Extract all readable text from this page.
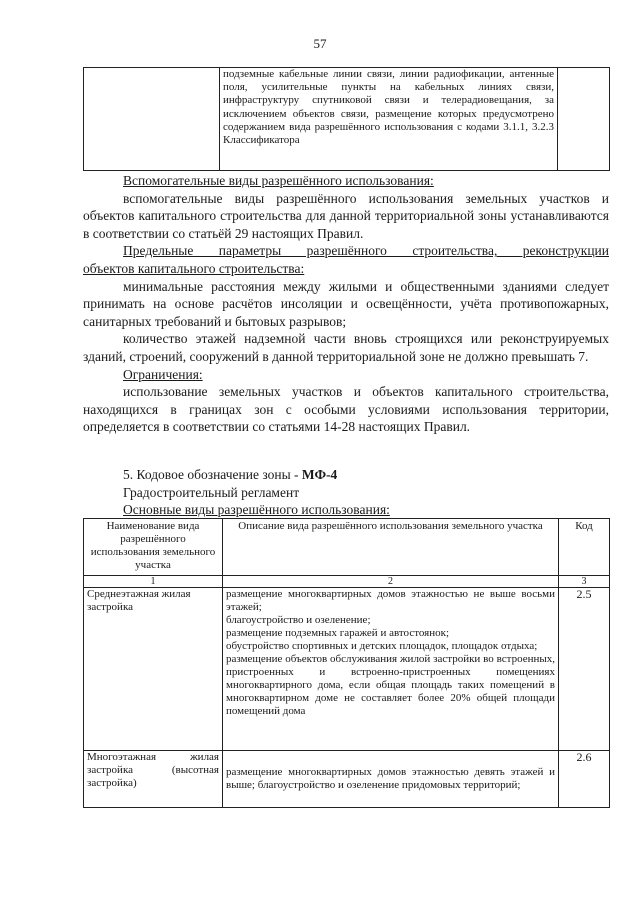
57
	подземные кабельные линии связи, линии радиофикации, антенные поля, усилительные пункты на кабельных линиях связи, инфраструктуру спутниковой связи и телерадиовещания, за исключением объектов связи, размещение которых предусмотрено содержанием вида разрешённого использования с кодами 3.1.1, 3.2.3 Классификатора	
Вспомогательные виды разрешённого использования:
вспомогательные виды разрешённого использования земельных участков и объектов капитального строительства для данной территориальной зоны устанавливаются в соответствии со статьёй 29 настоящих Правил.
Предельные параметры разрешённого строительства, реконструкции
объектов капитального строительства:
минимальные расстояния между жилыми и общественными зданиями следует принимать на основе расчётов инсоляции и освещённости, учёта противопожарных, санитарных требований и бытовых разрывов;
количество этажей надземной части вновь строящихся или реконструируемых зданий, строений, сооружений в данной территориальной зоне не должно превышать 7.
Ограничения:
использование земельных участков и объектов капитального строительства, находящихся в границах зон с особыми условиями использования территории, определяется в соответствии со статьями 14-28 настоящих Правил.
5. Кодовое обозначение зоны - МФ-4
Градостроительный регламент
Основные виды разрешённого использования:
Наименование вида разрешённого использования земельного участка	Описание вида разрешённого использования земельного участка	Код
1	2	3
Среднеэтажная жилая застройка	размещение многоквартирных домов этажностью не выше восьми этажей;
благоустройство и озеленение;
размещение подземных гаражей и автостоянок;
обустройство спортивных и детских площадок, площадок отдыха;
размещение объектов обслуживания жилой застройки во встроенных, пристроенных и встроенно-пристроенных помещениях многоквартирного дома, если общая площадь таких помещений в многоквартирном доме не составляет более 20% общей площади помещений дома	2.5
Многоэтажная жилая застройка (высотная застройка)	размещение многоквартирных домов этажностью девять этажей и выше; благоустройство и озеленение придомовых территорий;	2.6
